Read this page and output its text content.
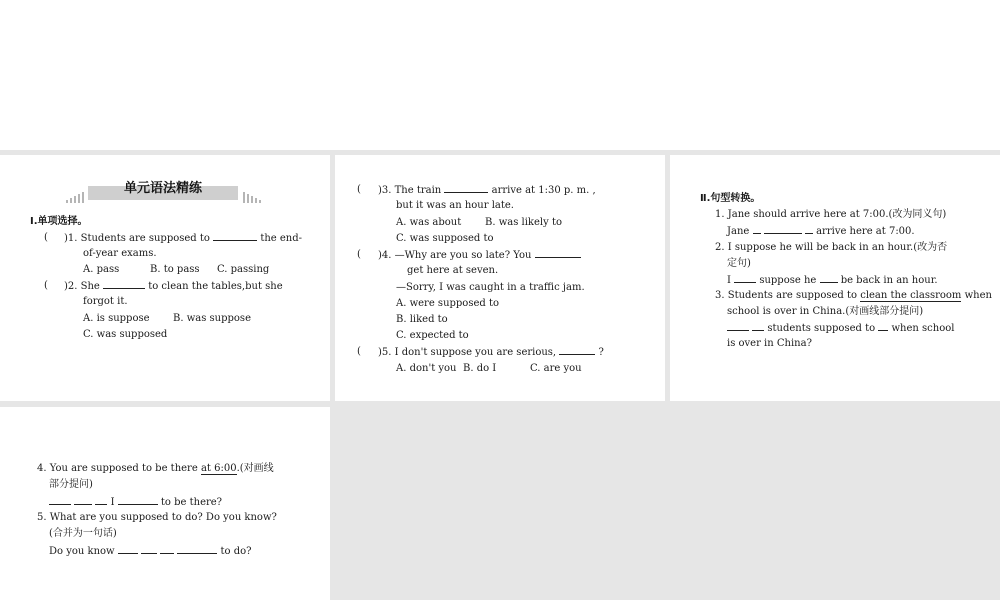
单元语法精练
Ⅰ.单项选择。
( )1. Students are supposed to	the end-
of-year exams.
A. pass	B. to pass C. passing
( )2. She	to clean the tables,but she
forgot it.
A. is suppose B. was suppose
C. was supposed
( )3. The train	arrive at 1:30 p. m. ,
but it was an hour late.
A. was about B. was likely to
C. was supposed to
( )4. —Why are you so late? You
get here at seven.
—Sorry, I was caught in a traffic jam.
A. were supposed to
B. liked to
C. expected to
( )5. I don't suppose you are serious,	?
A. don't you B. do I	C. are you
Ⅱ.句型转换。
1. Jane should arrive here at 7:00.(改为同义句)
Jane	arrive here at 7:00.
2. I suppose he will be back in an hour.(改为否
定句)
I	suppose he be back in an hour.
3. Students are supposed to clean the classroom when
school is over in China.(对画线部分提问)
students supposed to when school
is over in China?
4. You are supposed to be there at 6:00.(对画线
部分提问)
I	to be there?
5. What are you supposed to do? Do you know?
(合并为一句话)
Do you know	to do?
